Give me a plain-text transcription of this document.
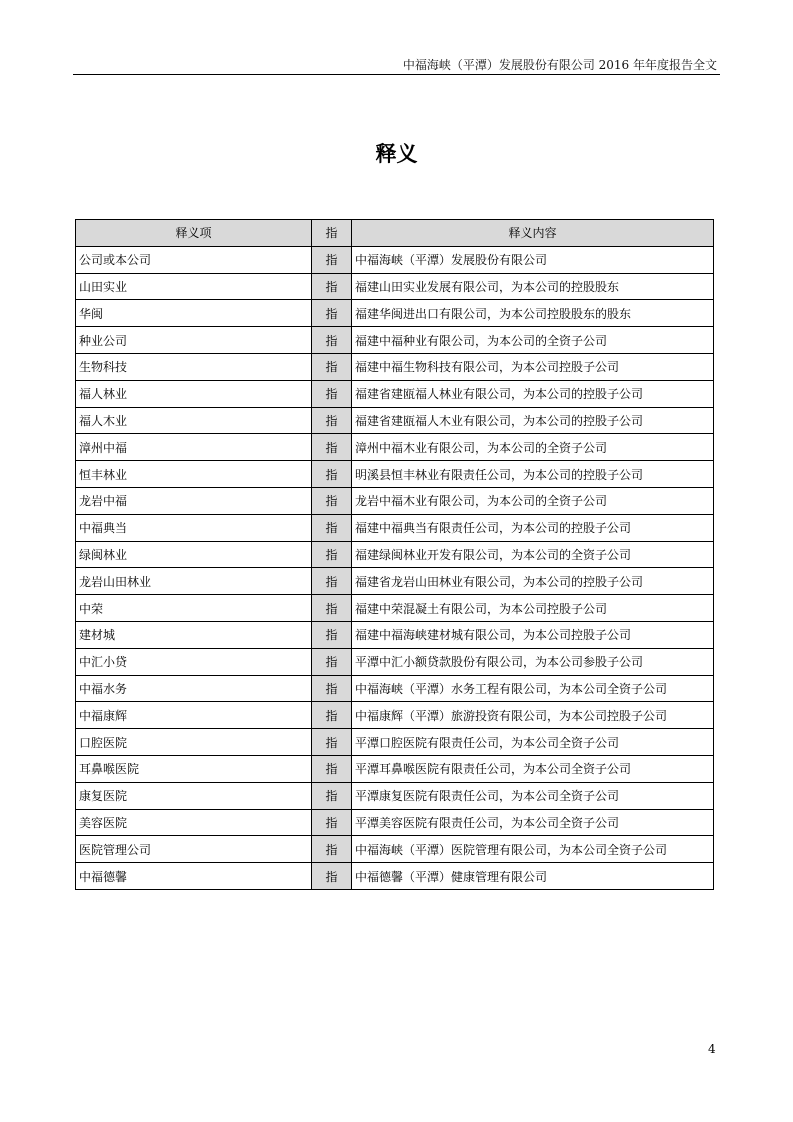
中福海峡（平潭）发展股份有限公司 2016 年年度报告全文
释义
释义项	指	释义内容
公司或本公司	指	中福海峡（平潭）发展股份有限公司
山田实业	指	福建山田实业发展有限公司，为本公司的控股股东
华闽	指	福建华闽进出口有限公司，为本公司控股股东的股东
种业公司	指	福建中福种业有限公司，为本公司的全资子公司
生物科技	指	福建中福生物科技有限公司，为本公司控股子公司
福人林业	指	福建省建瓯福人林业有限公司，为本公司的控股子公司
福人木业	指	福建省建瓯福人木业有限公司，为本公司的控股子公司
漳州中福	指	漳州中福木业有限公司，为本公司的全资子公司
恒丰林业	指	明溪县恒丰林业有限责任公司，为本公司的控股子公司
龙岩中福	指	龙岩中福木业有限公司，为本公司的全资子公司
中福典当	指	福建中福典当有限责任公司，为本公司的控股子公司
绿闽林业	指	福建绿闽林业开发有限公司，为本公司的全资子公司
龙岩山田林业	指	福建省龙岩山田林业有限公司，为本公司的控股子公司
中荣	指	福建中荣混凝土有限公司，为本公司控股子公司
建材城	指	福建中福海峡建材城有限公司，为本公司控股子公司
中汇小贷	指	平潭中汇小额贷款股份有限公司，为本公司参股子公司
中福水务	指	中福海峡（平潭）水务工程有限公司，为本公司全资子公司
中福康辉	指	中福康辉（平潭）旅游投资有限公司，为本公司控股子公司
口腔医院	指	平潭口腔医院有限责任公司，为本公司全资子公司
耳鼻喉医院	指	平潭耳鼻喉医院有限责任公司，为本公司全资子公司
康复医院	指	平潭康复医院有限责任公司，为本公司全资子公司
美容医院	指	平潭美容医院有限责任公司，为本公司全资子公司
医院管理公司	指	中福海峡（平潭）医院管理有限公司，为本公司全资子公司
中福德馨	指	中福德馨（平潭）健康管理有限公司
4
